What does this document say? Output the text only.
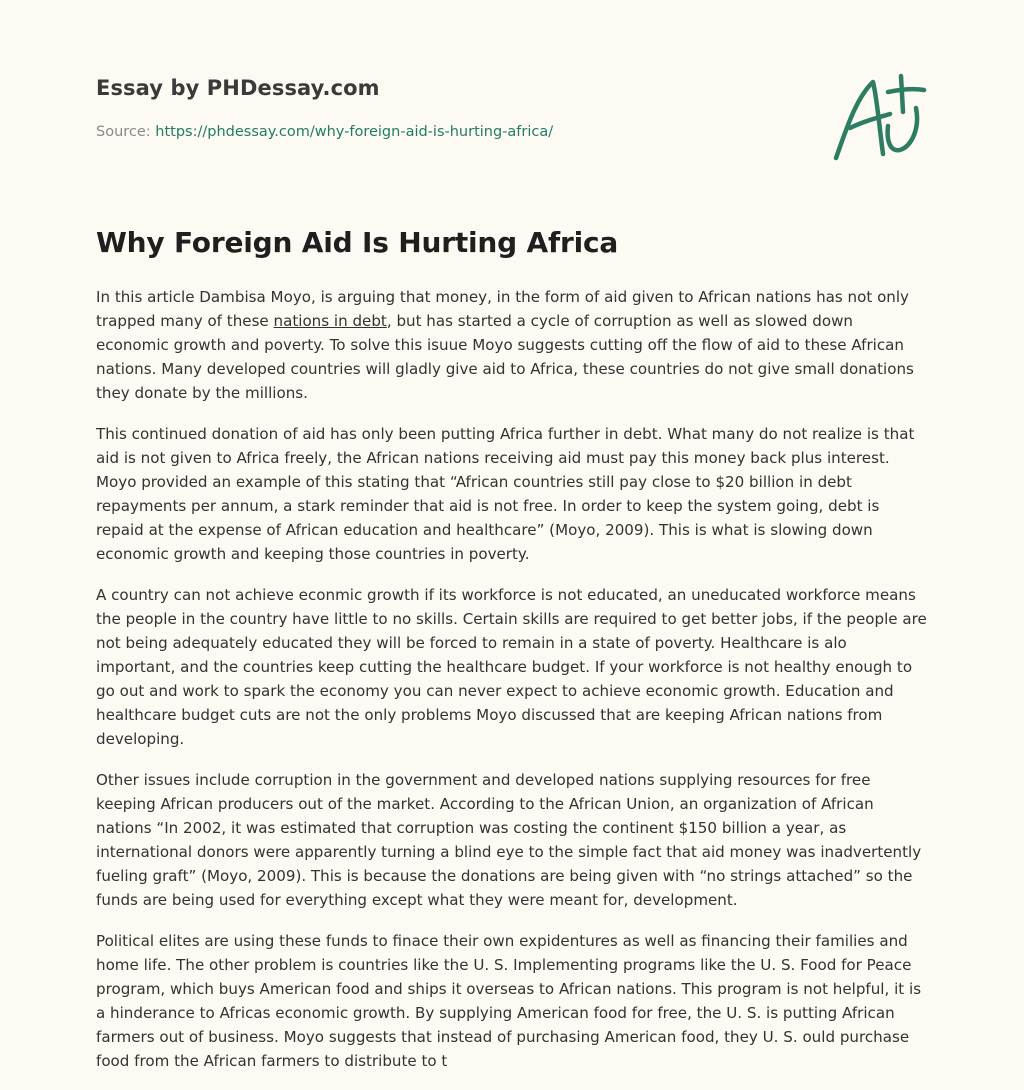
Essay by PHDessay.com
Source: https://phdessay.com/why-foreign-aid-is-hurting-africa/
Why Foreign Aid Is Hurting Africa

In this article Dambisa Moyo, is arguing that money, in the form of aid given to African nations has not only trapped many of these nations in debt, but has started a cycle of corruption as well as slowed down economic growth and poverty. To solve this isuue Moyo suggests cutting off the flow of aid to these African nations. Many developed countries will gladly give aid to Africa, these countries do not give small donations they donate by the millions.

This continued donation of aid has only been putting Africa further in debt. What many do not realize is that aid is not given to Africa freely, the African nations receiving aid must pay this money back plus interest. Moyo provided an example of this stating that “African countries still pay close to $20 billion in debt repayments per annum, a stark reminder that aid is not free. In order to keep the system going, debt is repaid at the expense of African education and healthcare” (Moyo, 2009). This is what is slowing down economic growth and keeping those countries in poverty.

A country can not achieve econmic growth if its workforce is not educated, an uneducated workforce means the people in the country have little to no skills. Certain skills are required to get better jobs, if the people are not being adequately educated they will be forced to remain in a state of poverty. Healthcare is alo important, and the countries keep cutting the healthcare budget. If your workforce is not healthy enough to go out and work to spark the economy you can never expect to achieve economic growth. Education and healthcare budget cuts are not the only problems Moyo discussed that are keeping African nations from developing.

Other issues include corruption in the government and developed nations supplying resources for free keeping African producers out of the market. According to the African Union, an organization of African nations “In 2002, it was estimated that corruption was costing the continent $150 billion a year, as international donors were apparently turning a blind eye to the simple fact that aid money was inadvertently fueling graft” (Moyo, 2009). This is because the donations are being given with “no strings attached” so the funds are being used for everything except what they were meant for, development.

Political elites are using these funds to finace their own expidentures as well as financing their families and home life. The other problem is countries like the U. S. Implementing programs like the U. S. Food for Peace program, which buys American food and ships it overseas to African nations. This program is not helpful, it is a hinderance to Africas economic growth. By supplying American food for free, the U. S. is putting African farmers out of business. Moyo suggests that instead of purchasing American food, they U. S. ould purchase food from the African farmers to distribute to t
